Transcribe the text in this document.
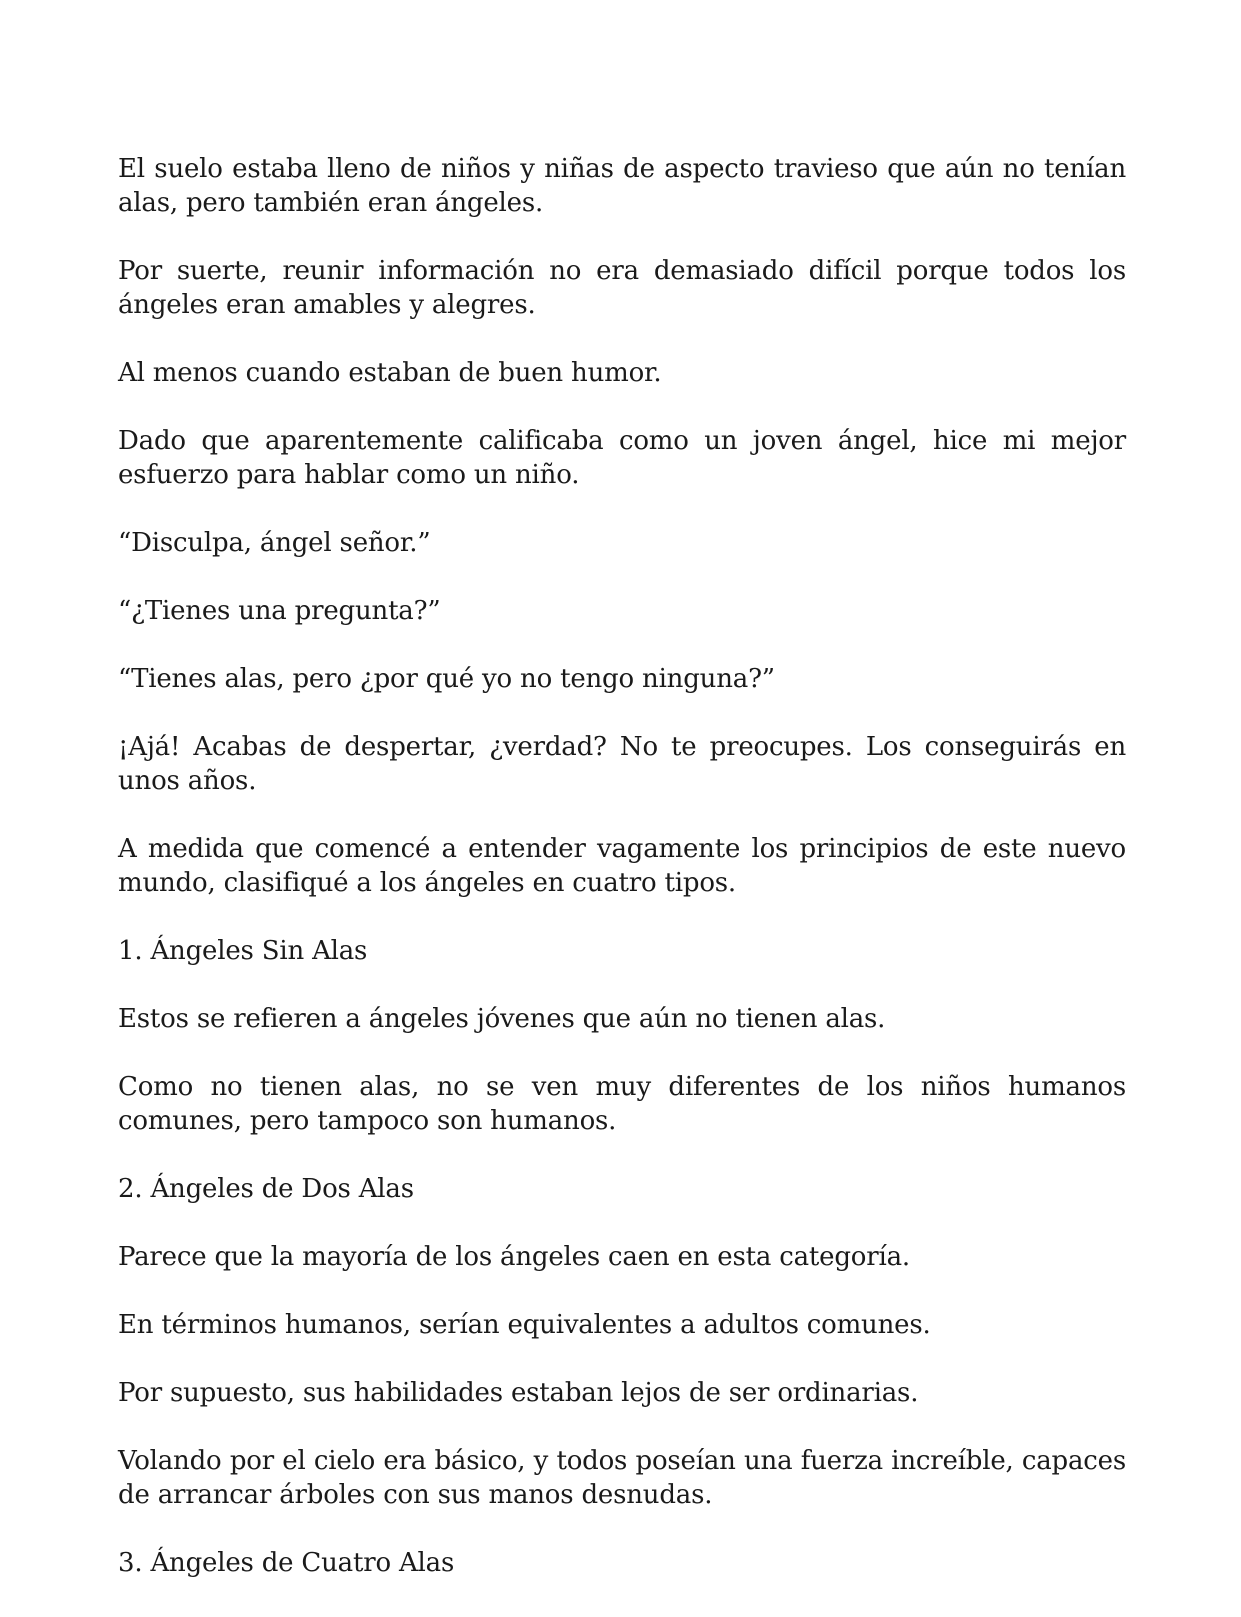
El suelo estaba lleno de niños y niñas de aspecto travieso que aún no tenían alas, pero también eran ángeles.

Por suerte, reunir información no era demasiado difícil porque todos los ángeles eran amables y alegres.

Al menos cuando estaban de buen humor.

Dado que aparentemente calificaba como un joven ángel, hice mi mejor esfuerzo para hablar como un niño.

“Disculpa, ángel señor.”

“¿Tienes una pregunta?”

“Tienes alas, pero ¿por qué yo no tengo ninguna?”

¡Ajá! Acabas de despertar, ¿verdad? No te preocupes. Los conseguirás en unos años.

A medida que comencé a entender vagamente los principios de este nuevo mundo, clasifiqué a los ángeles en cuatro tipos.

1. Ángeles Sin Alas

Estos se refieren a ángeles jóvenes que aún no tienen alas.

Como no tienen alas, no se ven muy diferentes de los niños humanos comunes, pero tampoco son humanos.

2. Ángeles de Dos Alas

Parece que la mayoría de los ángeles caen en esta categoría.

En términos humanos, serían equivalentes a adultos comunes.

Por supuesto, sus habilidades estaban lejos de ser ordinarias.

Volando por el cielo era básico, y todos poseían una fuerza increíble, capaces de arrancar árboles con sus manos desnudas.

3. Ángeles de Cuatro Alas
